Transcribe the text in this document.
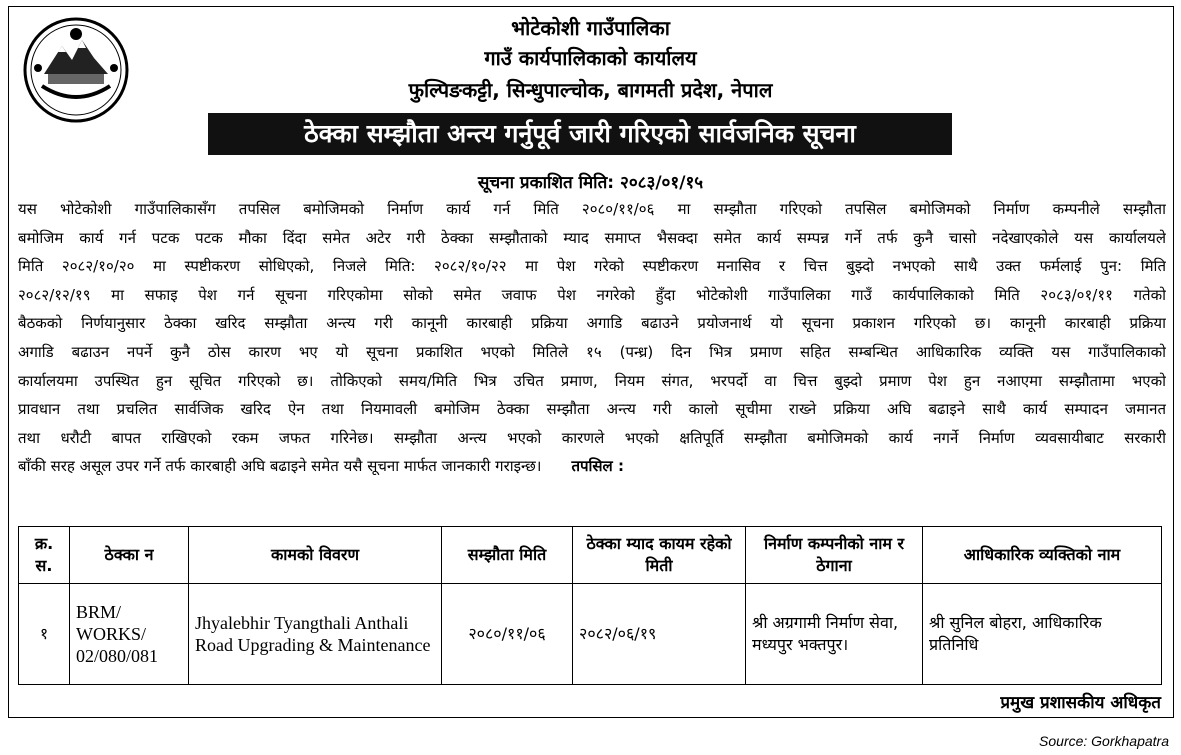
भोटेकोशी गाउँपालिका
गाउँ कार्यपालिकाको कार्यालय
फुल्पिङकट्टी, सिन्धुपाल्चोक, बागमती प्रदेश, नेपाल
ठेक्का सम्झौता अन्त्य गर्नुपूर्व जारी गरिएको सार्वजनिक सूचना
सूचना प्रकाशित मिति: २०८३/०१/१५
यस भोटेकोशी गाउँपालिकासँग तपसिल बमोजिमको निर्माण कार्य गर्न मिति २०८०/११/०६ मा सम्झौता गरिएको तपसिल बमोजिमको निर्माण कम्पनीले सम्झौता
बमोजिम कार्य गर्न पटक पटक मौका दिंदा समेत अटेर गरी ठेक्का सम्झौताको म्याद समाप्त भैसक्दा समेत कार्य सम्पन्न गर्ने तर्फ कुनै चासो नदेखाएकोले यस कार्यालयले
मिति २०८२/१०/२० मा स्पष्टीकरण सोधिएको, निजले मिति: २०८२/१०/२२ मा पेश गरेको स्पष्टीकरण मनासिव र चित्त बुझ्दो नभएको साथै उक्त फर्मलाई पुन: मिति
२०८२/१२/१९ मा सफाइ पेश गर्न सूचना गरिएकोमा सोको समेत जवाफ पेश नगरेको हुँदा भोटेकोशी गाउँपालिका गाउँ कार्यपालिकाको मिति २०८३/०१/११ गतेको
बैठकको निर्णयानुसार ठेक्का खरिद सम्झौता अन्त्य गरी कानूनी कारबाही प्रक्रिया अगाडि बढाउने प्रयोजनार्थ यो सूचना प्रकाशन गरिएको छ। कानूनी कारबाही प्रक्रिया
अगाडि बढाउन नपर्ने कुनै ठोस कारण भए यो सूचना प्रकाशित भएको मितिले १५ (पन्ध्र) दिन भित्र प्रमाण सहित सम्बन्धित आधिकारिक व्यक्ति यस गाउँपालिकाको
कार्यालयमा उपस्थित हुन सूचित गरिएको छ। तोकिएको समय/मिति भित्र उचित प्रमाण, नियम संगत, भरपर्दो वा चित्त बुझ्दो प्रमाण पेश हुन नआएमा सम्झौतामा भएको
प्रावधान तथा प्रचलित सार्वजिक खरिद ऐन तथा नियमावली बमोजिम ठेक्का सम्झौता अन्त्य गरी कालो सूचीमा राख्ने प्रक्रिया अघि बढाइने साथै कार्य सम्पादन जमानत
तथा धरौटी बापत राखिएको रकम जफत गरिनेछ। सम्झौता अन्त्य भएको कारणले भएको क्षतिपूर्ति सम्झौता बमोजिमको कार्य नगर्ने निर्माण व्यवसायीबाट सरकारी
बाँकी सरह असूल उपर गर्ने तर्फ कारबाही अघि बढाइने समेत यसै सूचना मार्फत जानकारी गराइन्छ। तपसिल :
क्र. स.	ठेक्का न	कामको विवरण	सम्झौता मिति	ठेक्का म्याद कायम रहेको मिती	निर्माण कम्पनीको नाम र ठेगाना	आधिकारिक व्यक्तिको नाम
१	BRM/ WORKS/ 02/080/081	Jhyalebhir Tyangthali Anthali Road Upgrading & Maintenance	२०८०/११/०६	२०८२/०६/१९	श्री अग्रगामी निर्माण सेवा, मध्यपुर भक्तपुर।	श्री सुनिल बोहरा, आधिकारिक प्रतिनिधि
प्रमुख प्रशासकीय अधिकृत
Source: Gorkhapatra
